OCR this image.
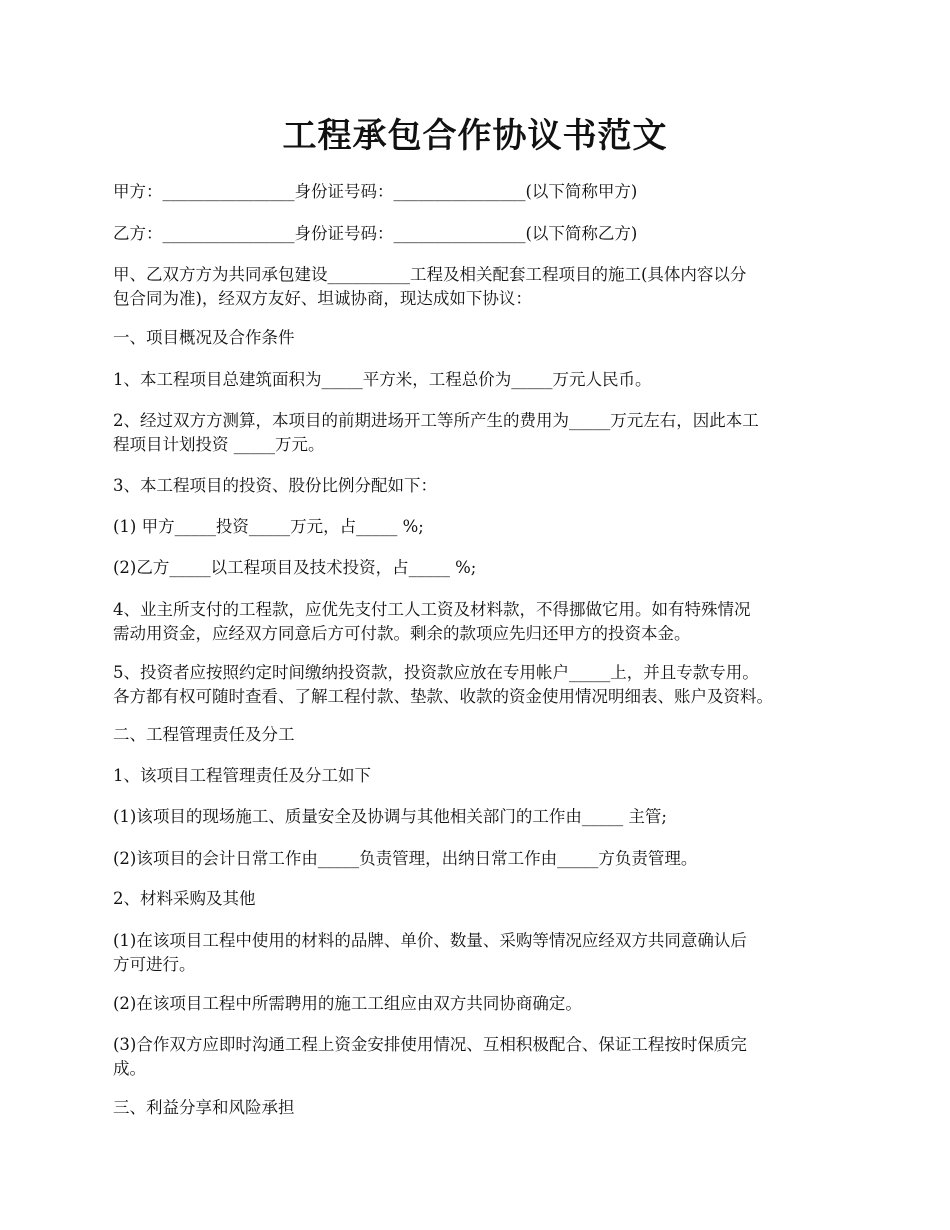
工程承包合作协议书范文

甲方：________________身份证号码：________________(以下简称甲方)

乙方：________________身份证号码：________________(以下简称乙方)

甲、乙双方方为共同承包建设__________工程及相关配套工程项目的施工(具体内容以分
包合同为准)，经双方友好、坦诚协商，现达成如下协议：

一、项目概况及合作条件

1、本工程项目总建筑面积为_____平方米，工程总价为_____万元人民币。

2、经过双方方测算，本项目的前期进场开工等所产生的费用为_____万元左右，因此本工
程项目计划投资 _____万元。

3、本工程项目的投资、股份比例分配如下：

(1) 甲方_____投资_____万元，占_____ %;

(2)乙方_____以工程项目及技术投资，占_____ %;

4、业主所支付的工程款，应优先支付工人工资及材料款，不得挪做它用。如有特殊情况
需动用资金，应经双方同意后方可付款。剩余的款项应先归还甲方的投资本金。

5、投资者应按照约定时间缴纳投资款，投资款应放在专用帐户_____上，并且专款专用。
各方都有权可随时查看、了解工程付款、垫款、收款的资金使用情况明细表、账户及资料。

二、工程管理责任及分工

1、该项目工程管理责任及分工如下

(1)该项目的现场施工、质量安全及协调与其他相关部门的工作由_____ 主管;

(2)该项目的会计日常工作由_____负责管理，出纳日常工作由_____方负责管理。

2、材料采购及其他

(1)在该项目工程中使用的材料的品牌、单价、数量、采购等情况应经双方共同意确认后
方可进行。

(2)在该项目工程中所需聘用的施工工组应由双方共同协商确定。

(3)合作双方应即时沟通工程上资金安排使用情况、互相积极配合、保证工程按时保质完
成。

三、利益分享和风险承担
